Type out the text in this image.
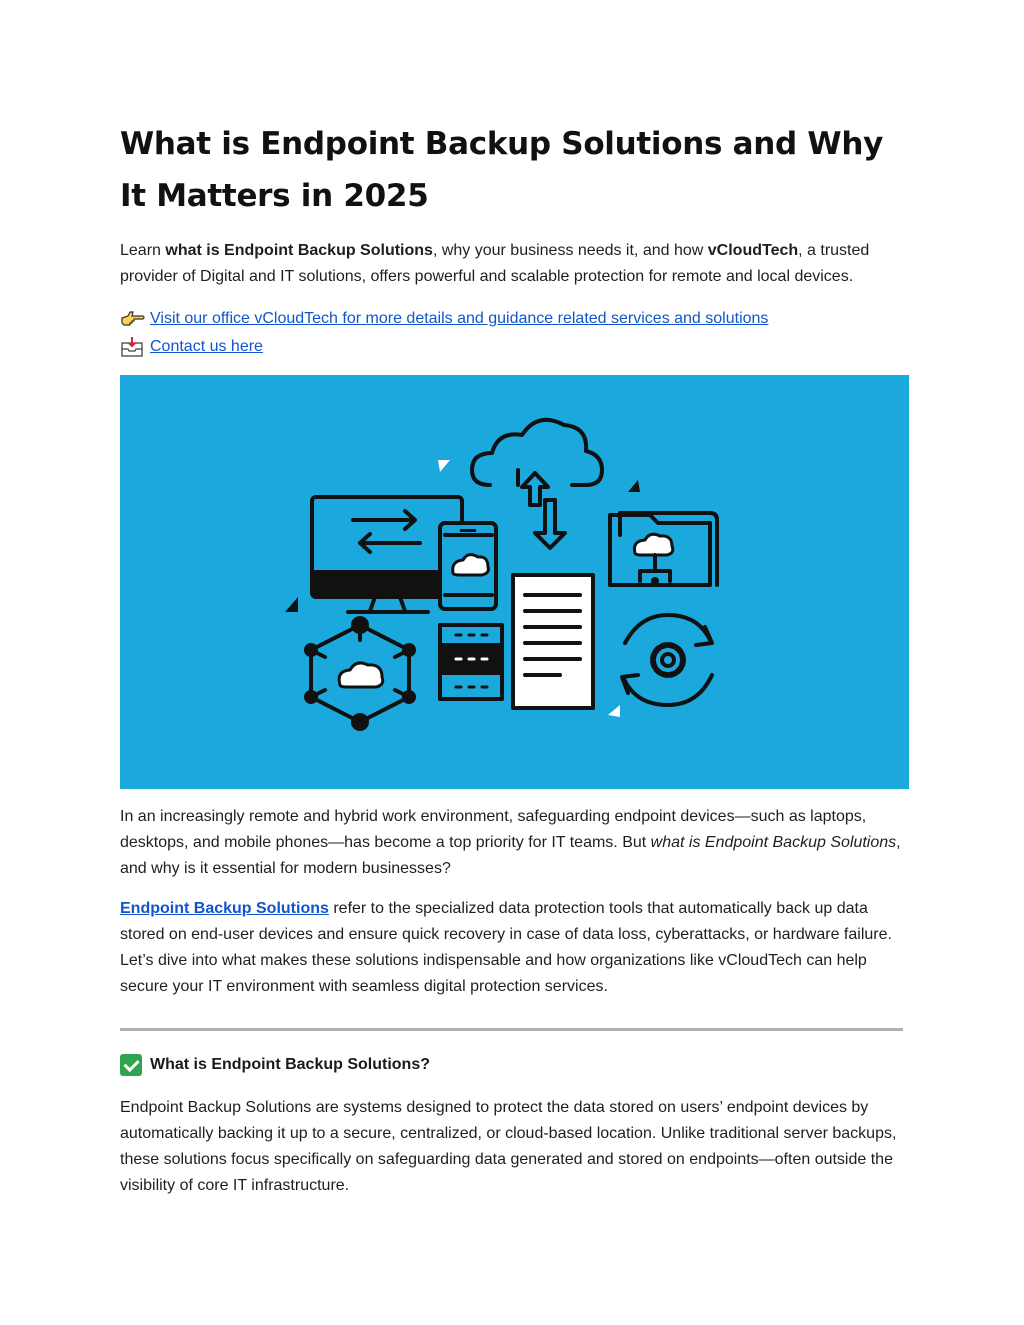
What is Endpoint Backup Solutions and Why It Matters in 2025

Learn what is Endpoint Backup Solutions, why your business needs it, and how vCloudTech, a trusted provider of Digital and IT solutions, offers powerful and scalable protection for remote and local devices.

Visit our office vCloudTech for more details and guidance related services and solutions
Contact us here

In an increasingly remote and hybrid work environment, safeguarding endpoint devices—such as laptops, desktops, and mobile phones—has become a top priority for IT teams. But what is Endpoint Backup Solutions, and why is it essential for modern businesses?

Endpoint Backup Solutions refer to the specialized data protection tools that automatically back up data stored on end-user devices and ensure quick recovery in case of data loss, cyberattacks, or hardware failure. Let’s dive into what makes these solutions indispensable and how organizations like vCloudTech can help secure your IT environment with seamless digital protection services.

What is Endpoint Backup Solutions?

Endpoint Backup Solutions are systems designed to protect the data stored on users’ endpoint devices by automatically backing it up to a secure, centralized, or cloud-based location. Unlike traditional server backups, these solutions focus specifically on safeguarding data generated and stored on endpoints—often outside the visibility of core IT infrastructure.
